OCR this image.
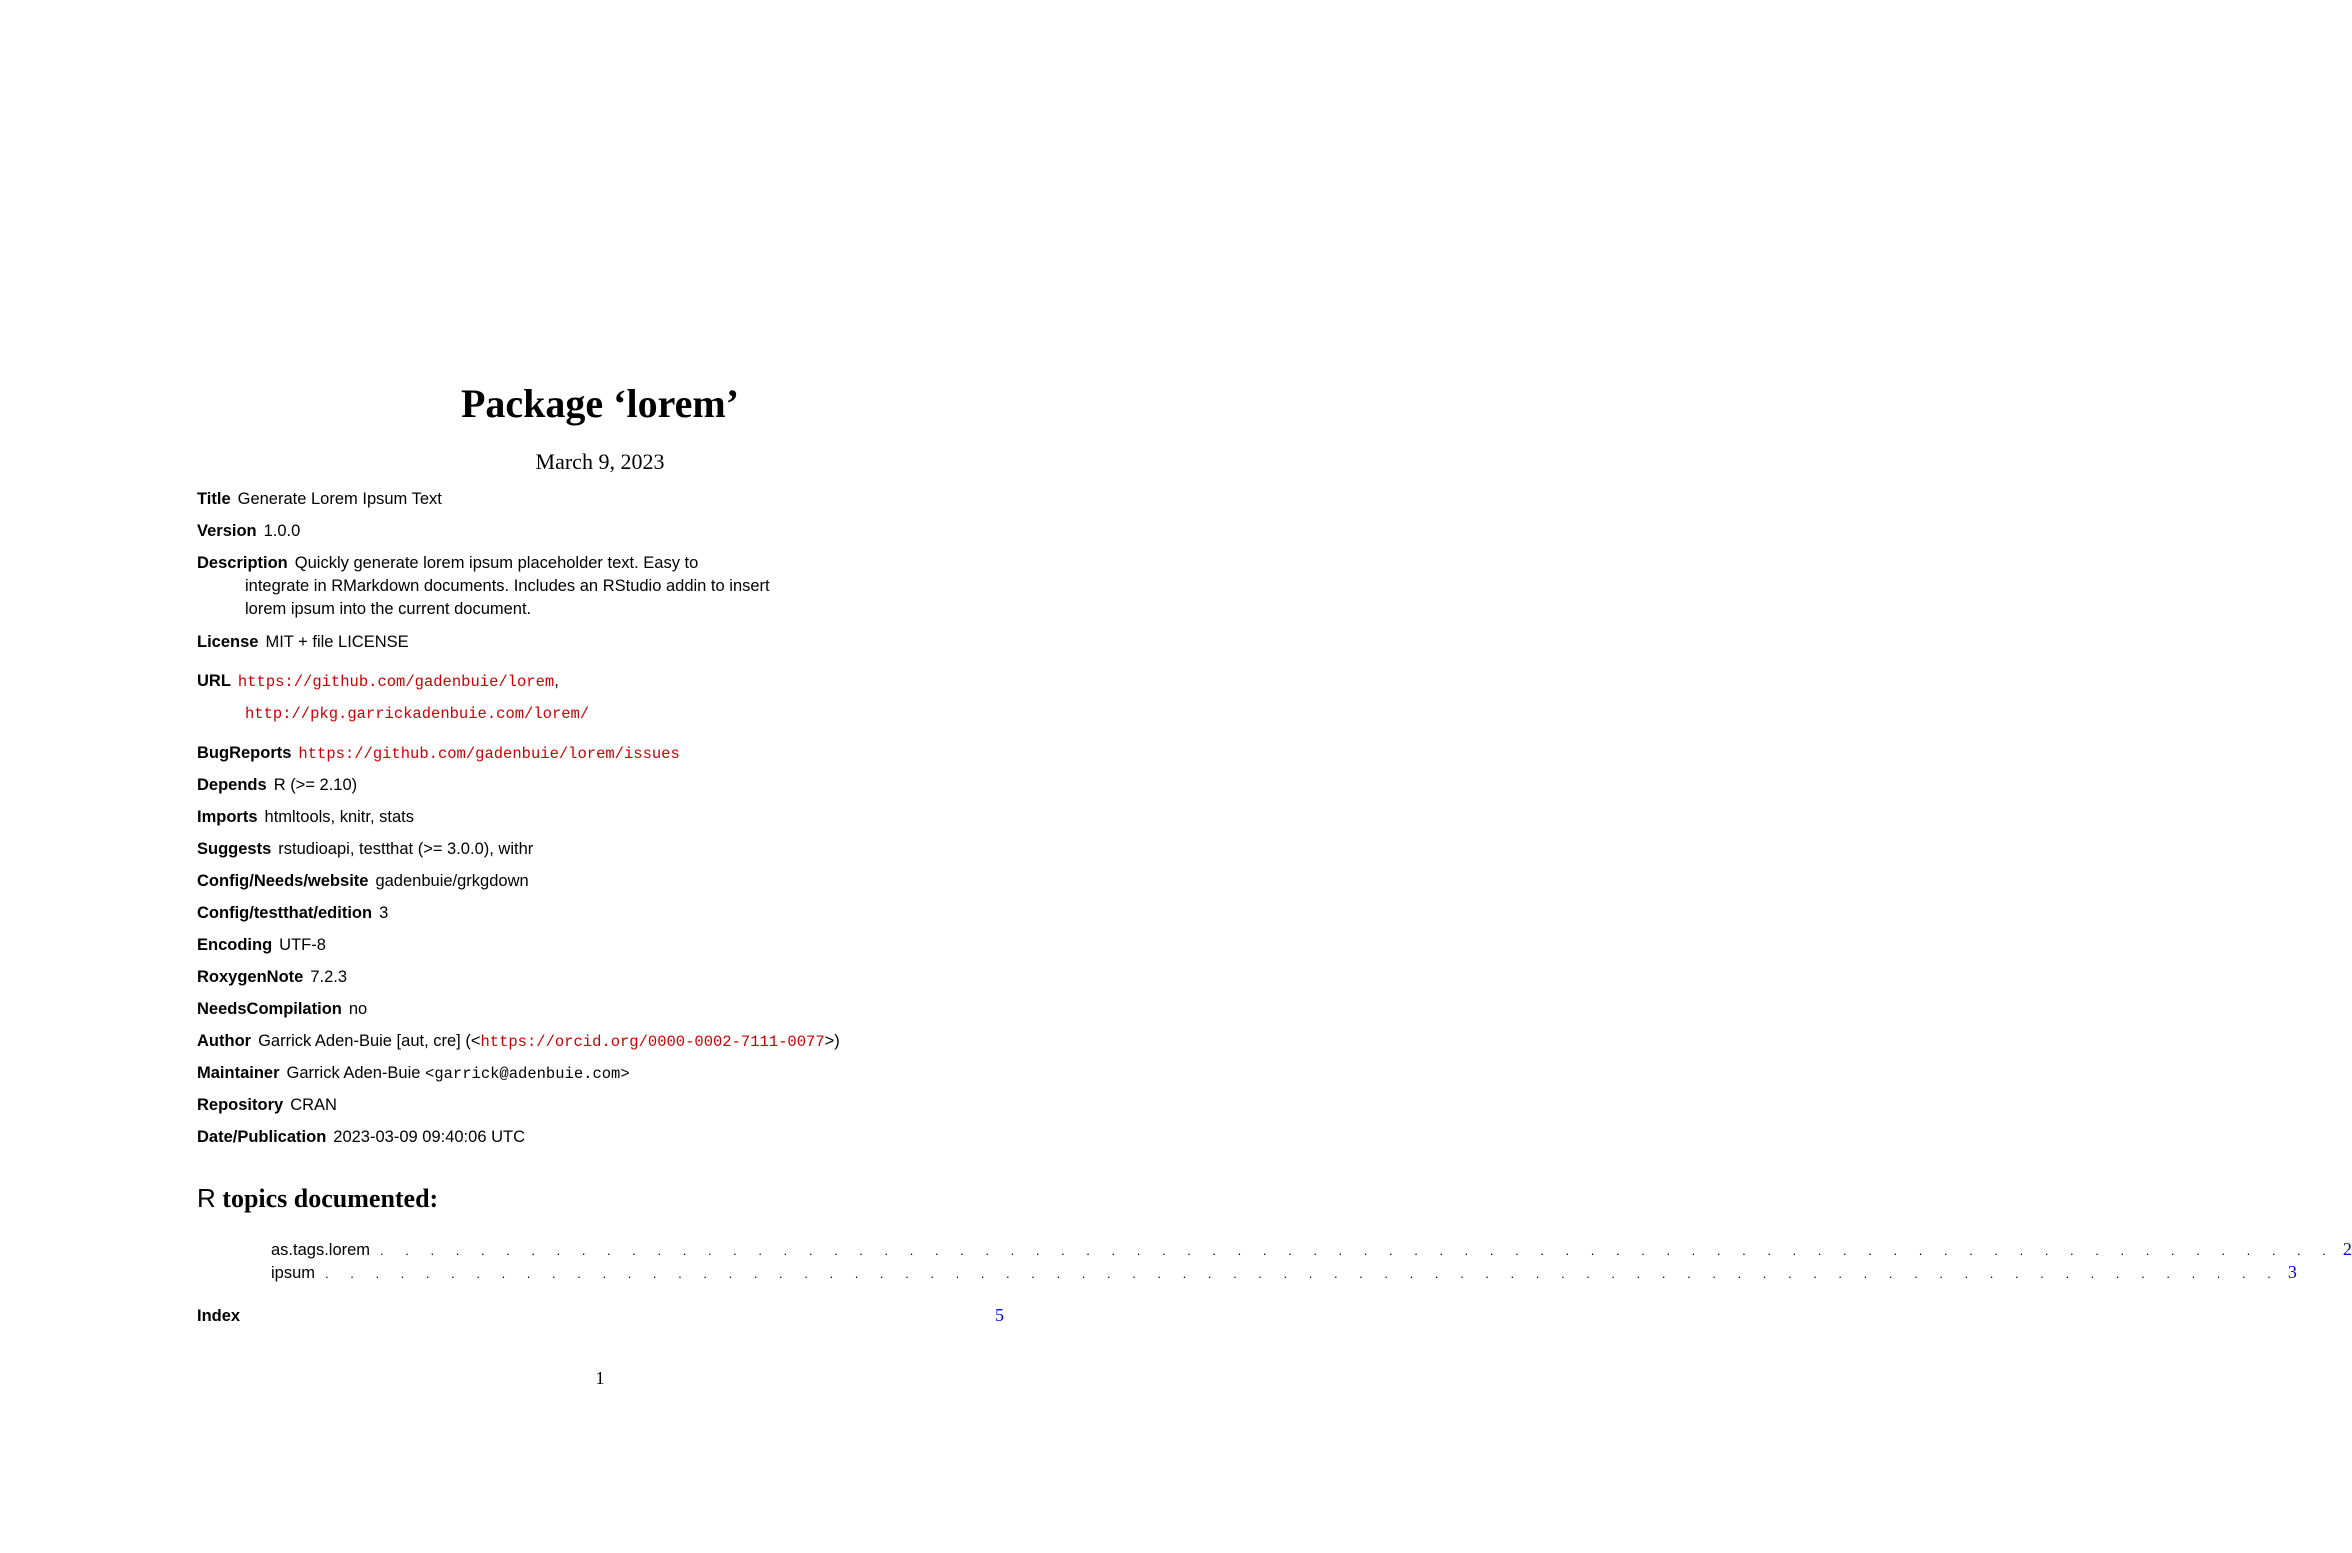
Package ‘lorem’
March 9, 2023
Title Generate Lorem Ipsum Text
Version 1.0.0
Description Quickly generate lorem ipsum placeholder text. Easy to
integrate in RMarkdown documents. Includes an RStudio addin to insert
lorem ipsum into the current document.
License MIT + file LICENSE
URL https://github.com/gadenbuie/lorem,
http://pkg.garrickadenbuie.com/lorem/
BugReports https://github.com/gadenbuie/lorem/issues
Depends R (>= 2.10)
Imports htmltools, knitr, stats
Suggests rstudioapi, testthat (>= 3.0.0), withr
Config/Needs/website gadenbuie/grkgdown
Config/testthat/edition 3
Encoding UTF-8
RoxygenNote 7.2.3
NeedsCompilation no
Author Garrick Aden-Buie [aut, cre] (<https://orcid.org/0000-0002-7111-0077>)
Maintainer Garrick Aden-Buie <garrick@adenbuie.com>
Repository CRAN
Date/Publication 2023-03-09 09:40:06 UTC
R topics documented:
as.tags.lorem . . . . . . . . . . . . . . . . . . . . . . . . . . . . . . . . . . . . . . . . . . . . . . . . . . . . . . . . . . . . . . . . . . . . . . . . . . . . . . 2
ipsum . . . . . . . . . . . . . . . . . . . . . . . . . . . . . . . . . . . . . . . . . . . . . . . . . . . . . . . . . . . . . . . . . . . . . . . . . . . . . . 3
Index	5
1
